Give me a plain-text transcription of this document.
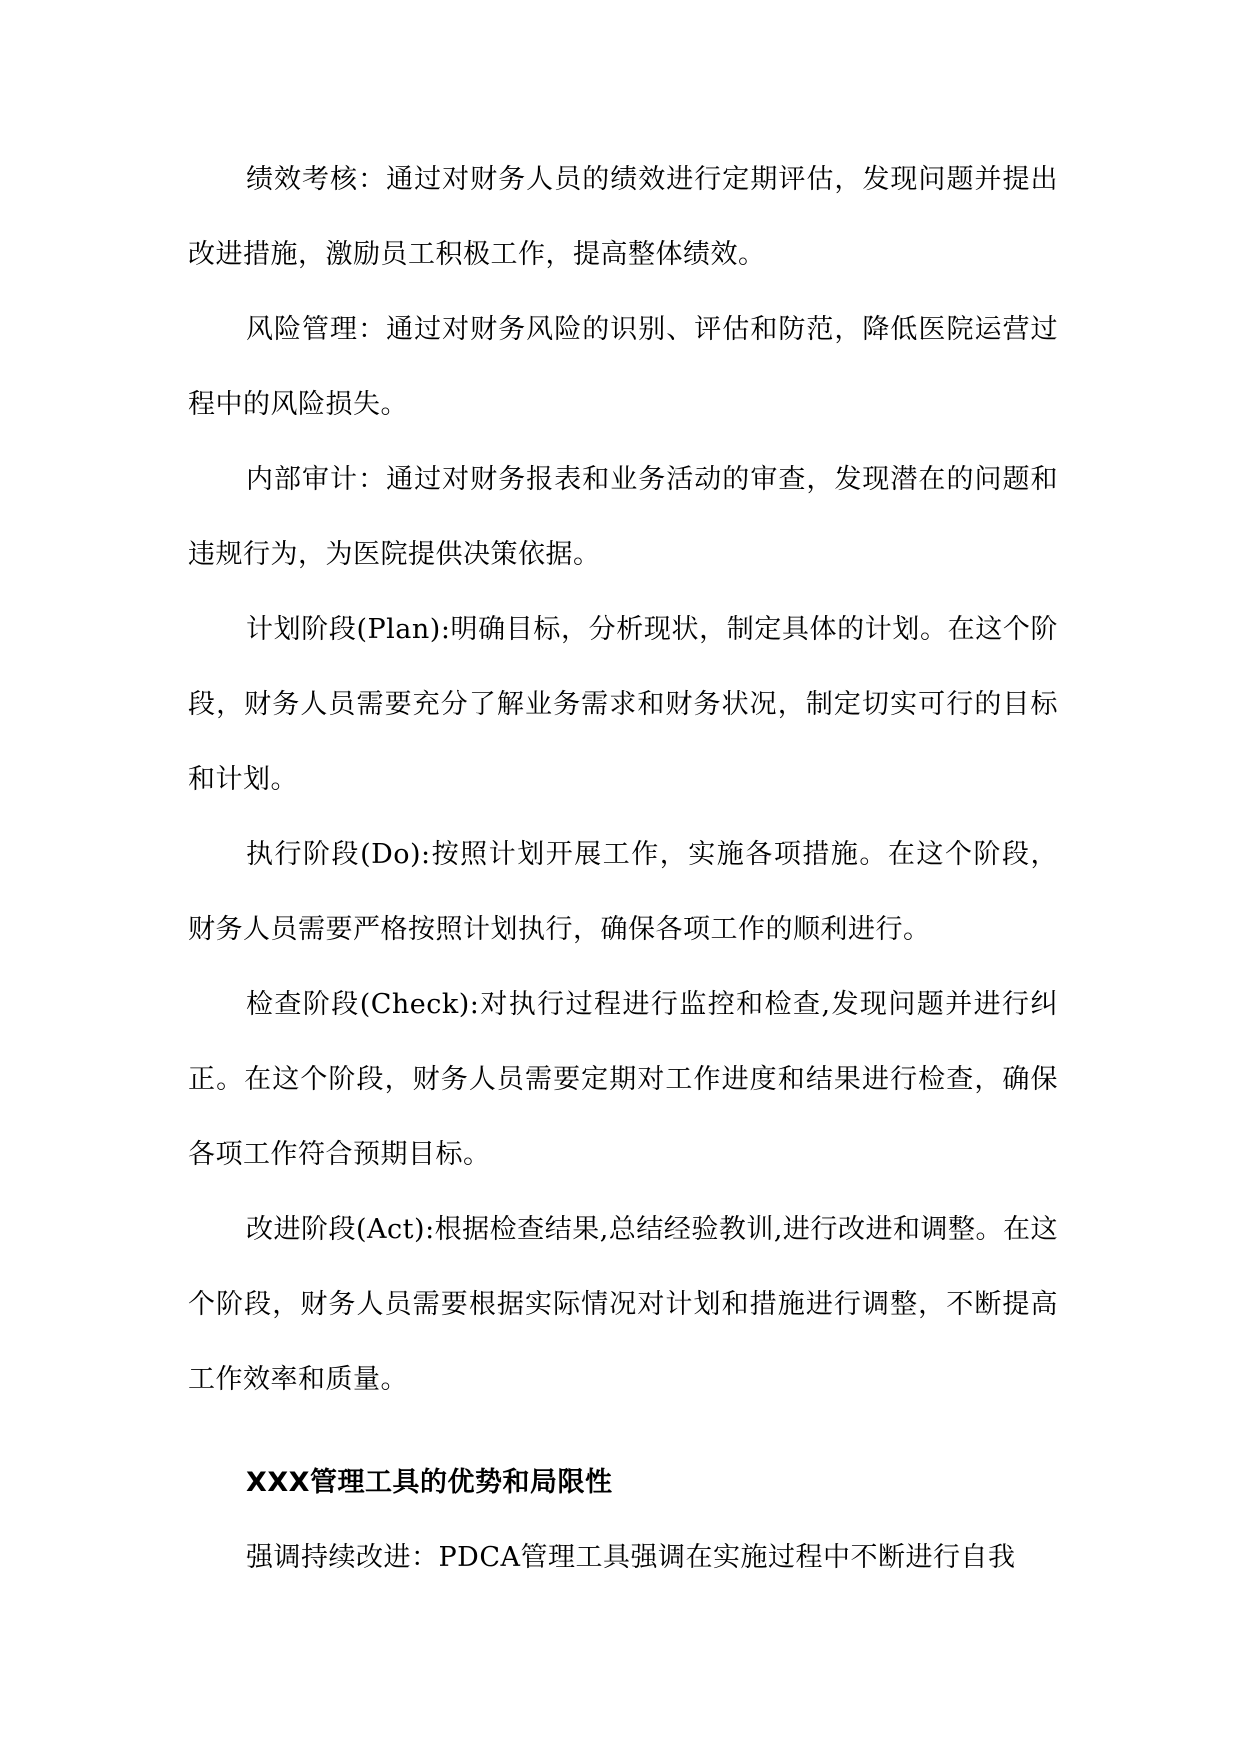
绩效考核：通过对财务人员的绩效进行定期评估，发现问题并提出改进措施，激励员工积极工作，提高整体绩效。

风险管理：通过对财务风险的识别、评估和防范，降低医院运营过程中的风险损失。

内部审计：通过对财务报表和业务活动的审查，发现潜在的问题和违规行为，为医院提供决策依据。

计划阶段(Plan):明确目标，分析现状，制定具体的计划。在这个阶段，财务人员需要充分了解业务需求和财务状况，制定切实可行的目标和计划。

执行阶段(Do):按照计划开展工作，实施各项措施。在这个阶段，财务人员需要严格按照计划执行，确保各项工作的顺利进行。

检查阶段(Check):对执行过程进行监控和检查,发现问题并进行纠正。在这个阶段，财务人员需要定期对工作进度和结果进行检查，确保各项工作符合预期目标。

改进阶段(Act):根据检查结果,总结经验教训,进行改进和调整。在这个阶段，财务人员需要根据实际情况对计划和措施进行调整，不断提高工作效率和质量。

XXX管理工具的优势和局限性

强调持续改进：PDCA管理工具强调在实施过程中不断进行自我
